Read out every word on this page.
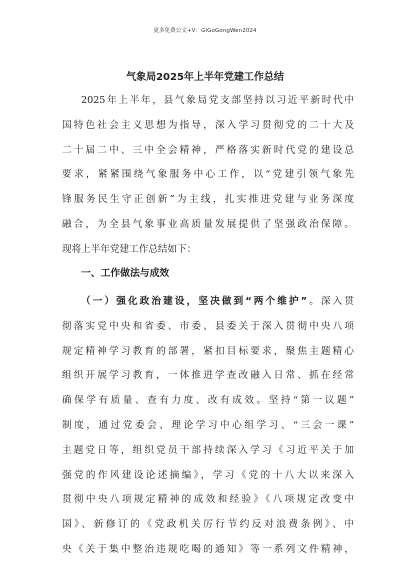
更多免费公文+V：GiGoGongWen2024
气象局2025年上半年党建工作总结
2025年上半年，县气象局党支部坚持以习近平新时代中
国特色社会主义思想为指导，深入学习贯彻党的二十大及
二十届二中、三中全会精神，严格落实新时代党的建设总
要求，紧紧围绕气象服务中心工作，以“党建引领气象先
锋服务民生守正创新”为主线，扎实推进党建与业务深度
融合，为全县气象事业高质量发展提供了坚强政治保障。
现将上半年党建工作总结如下：
一、工作做法与成效
（一）强化政治建设，坚决做到“两个维护”。深入贯
彻落实党中央和省委、市委、县委关于深入贯彻中央八项
规定精神学习教育的部署，紧扣目标要求，聚焦主题精心
组织开展学习教育，一体推进学查改融入日常、抓在经常
确保学有质量、查有力度、改有成效。坚持“第一议题”
制度，通过党委会、理论学习中心组学习、“三会一课”
主题党日等，组织党员干部持续深入学习《习近平关于加
强党的作风建设论述摘编》，学习《党的十八大以来深入
贯彻中央八项规定精神的成效和经验》《八项规定改变中
国》、新修订的《党政机关厉行节约反对浪费条例》、中
央《关于集中整治违规吃喝的通知》等一系列文件精神，
